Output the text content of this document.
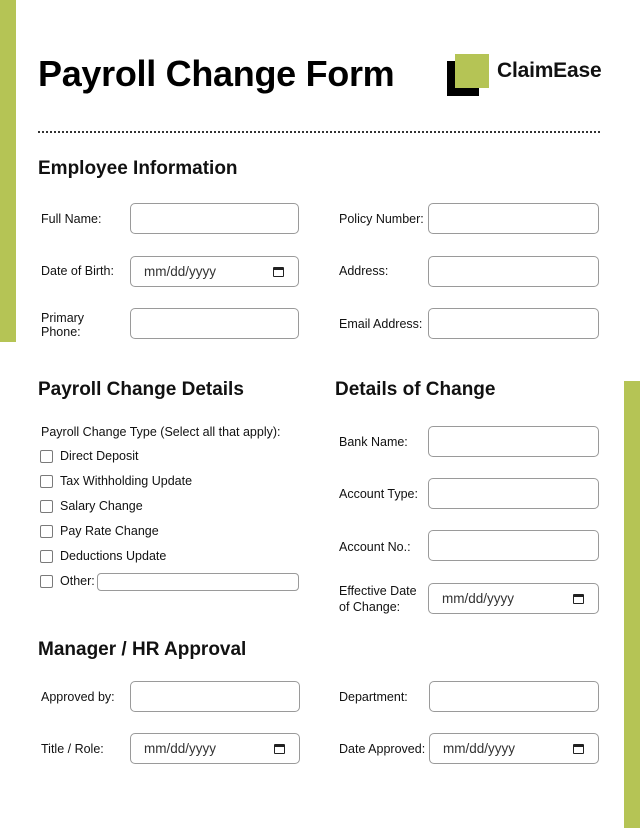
Payroll Change Form	ClaimEase
Employee Information
Full Name:
Date of Birth: mm/dd/yyyy
Primary
Phone:
Policy Number:
Address:
Email Address:
Payroll Change Details
Payroll Change Type (Select all that apply):
Direct Deposit
Tax Withholding Update
Salary Change
Pay Rate Change
Deductions Update
Other:
Details of Change
Bank Name:
Account Type:
Account No.:
Effective Date
of Change:
mm/dd/yyyy
Manager / HR Approval
Approved by:
Title / Role:	mm/dd/yyyy
Department:
Date Approved: mm/dd/yyyy
